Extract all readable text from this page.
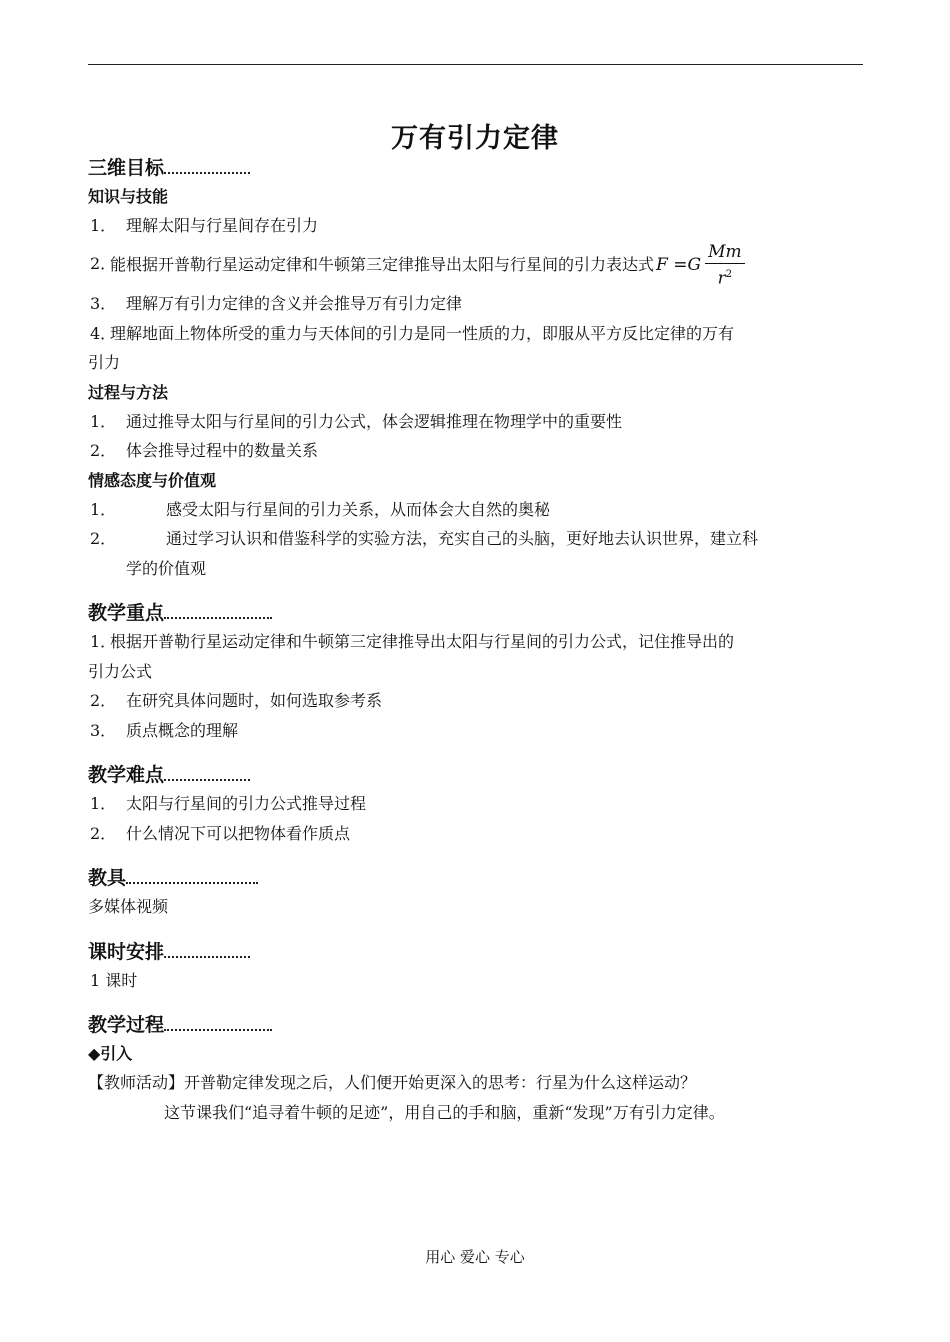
万有引力定律
三维目标
知识与技能
1． 理解太阳与行星间存在引力
2．能根据开普勒行星运动定律和牛顿第三定律推导出太阳与行星间的引力表达式 $F =G \frac{Mm}{r^2}$
3． 理解万有引力定律的含义并会推导万有引力定律
4．理解地面上物体所受的重力与天体间的引力是同一性质的力，即服从平方反比定律的万有
引力
过程与方法
1． 通过推导太阳与行星间的引力公式，体会逻辑推理在物理学中的重要性
2． 体会推导过程中的数量关系
情感态度与价值观
1．	感受太阳与行星间的引力关系，从而体会大自然的奥秘
2．	通过学习认识和借鉴科学的实验方法，充实自己的头脑，更好地去认识世界，建立科
学的价值观
教学重点
1．根据开普勒行星运动定律和牛顿第三定律推导出太阳与行星间的引力公式，记住推导出的
引力公式
2． 在研究具体问题时，如何选取参考系
3． 质点概念的理解
教学难点
1． 太阳与行星间的引力公式推导过程
2． 什么情况下可以把物体看作质点
教具
多媒体视频
课时安排
1 课时
教学过程
◆引入
【教师活动】开普勒定律发现之后，人们便开始更深入的思考：行星为什么这样运动？
这节课我们“追寻着牛顿的足迹”，用自己的手和脑，重新“发现”万有引力定律。
用心 爱心 专心
